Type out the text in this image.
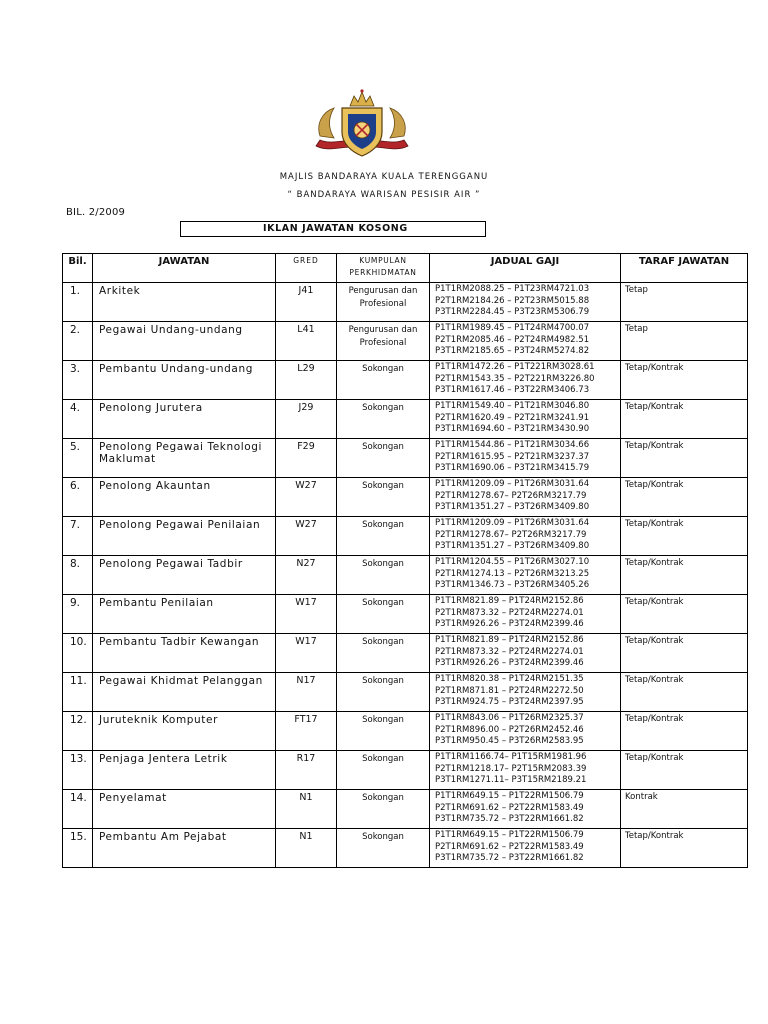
MAJLIS BANDARAYA KUALA TERENGGANU
“ BANDARAYA WARISAN PESISIR AIR ”
BIL. 2/2009
IKLAN JAWATAN KOSONG
Bil.	JAWATAN	GRED	KUMPULAN PERKHIDMATAN	JADUAL GAJI	TARAF JAWATAN
1.	Arkitek	J41	Pengurusan dan Profesional	P1T1RM2088.25 – P1T23RM4721.03
P2T1RM2184.26 – P2T23RM5015.88
P3T1RM2284.45 – P3T23RM5306.79	Tetap
2.	Pegawai Undang-undang	L41	Pengurusan dan Profesional	P1T1RM1989.45 – P1T24RM4700.07
P2T1RM2085.46 – P2T24RM4982.51
P3T1RM2185.65 – P3T24RM5274.82	Tetap
3.	Pembantu Undang-undang	L29	Sokongan	P1T1RM1472.26 – P1T221RM3028.61
P2T1RM1543.35 – P2T221RM3226.80
P3T1RM1617.46 – P3T22RM3406.73	Tetap/Kontrak
4.	Penolong Jurutera	J29	Sokongan	P1T1RM1549.40 – P1T21RM3046.80
P2T1RM1620.49 – P2T21RM3241.91
P3T1RM1694.60 – P3T21RM3430.90	Tetap/Kontrak
5.	Penolong Pegawai Teknologi Maklumat	F29	Sokongan	P1T1RM1544.86 – P1T21RM3034.66
P2T1RM1615.95 – P2T21RM3237.37
P3T1RM1690.06 – P3T21RM3415.79	Tetap/Kontrak
6.	Penolong Akauntan	W27	Sokongan	P1T1RM1209.09 – P1T26RM3031.64
P2T1RM1278.67– P2T26RM3217.79
P3T1RM1351.27 – P3T26RM3409.80	Tetap/Kontrak
7.	Penolong Pegawai Penilaian	W27	Sokongan	P1T1RM1209.09 – P1T26RM3031.64
P2T1RM1278.67– P2T26RM3217.79
P3T1RM1351.27 – P3T26RM3409.80	Tetap/Kontrak
8.	Penolong Pegawai Tadbir	N27	Sokongan	P1T1RM1204.55 – P1T26RM3027.10
P2T1RM1274.13 – P2T26RM3213.25
P3T1RM1346.73 – P3T26RM3405.26	Tetap/Kontrak
9.	Pembantu Penilaian	W17	Sokongan	P1T1RM821.89 – P1T24RM2152.86
P2T1RM873.32 – P2T24RM2274.01
P3T1RM926.26 – P3T24RM2399.46	Tetap/Kontrak
10.	Pembantu Tadbir Kewangan	W17	Sokongan	P1T1RM821.89 – P1T24RM2152.86
P2T1RM873.32 – P2T24RM2274.01
P3T1RM926.26 – P3T24RM2399.46	Tetap/Kontrak
11.	Pegawai Khidmat Pelanggan	N17	Sokongan	P1T1RM820.38 – P1T24RM2151.35
P2T1RM871.81 – P2T24RM2272.50
P3T1RM924.75 – P3T24RM2397.95	Tetap/Kontrak
12.	Juruteknik Komputer	FT17	Sokongan	P1T1RM843.06 – P1T26RM2325.37
P2T1RM896.00 – P2T26RM2452.46
P3T1RM950.45 – P3T26RM2583.95	Tetap/Kontrak
13.	Penjaga Jentera Letrik	R17	Sokongan	P1T1RM1166.74– P1T15RM1981.96
P2T1RM1218.17– P2T15RM2083.39
P3T1RM1271.11– P3T15RM2189.21	Tetap/Kontrak
14.	Penyelamat	N1	Sokongan	P1T1RM649.15 – P1T22RM1506.79
P2T1RM691.62 – P2T22RM1583.49
P3T1RM735.72 – P3T22RM1661.82	Kontrak
15.	Pembantu Am Pejabat	N1	Sokongan	P1T1RM649.15 – P1T22RM1506.79
P2T1RM691.62 – P2T22RM1583.49
P3T1RM735.72 – P3T22RM1661.82	Tetap/Kontrak
